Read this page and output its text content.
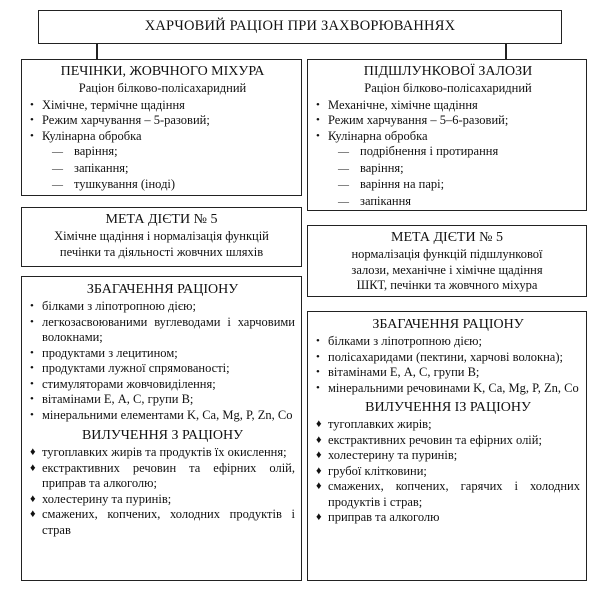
ХАРЧОВИЙ РАЦІОН ПРИ ЗАХВОРЮВАННЯХ
ПЕЧІНКИ, ЖОВЧНОГО МІХУРА
Раціон білково-полісахаридний
• Хімічне, термічне щадіння
• Режим харчування – 5-разовий;
• Кулінарна обробка
— варіння;
— запікання;
— тушкування (іноді)
ПІДШЛУНКОВОЇ ЗАЛОЗИ
Раціон білково-полісахаридний
• Механічне, хімічне щадіння
• Режим харчування – 5–6-разовий;
• Кулінарна обробка
— подрібнення і протирання
— варіння;
— варіння на парі;
— запікання
МЕТА ДІЄТИ № 5
Хімічне щадіння і нормалізація функцій
печінки та діяльності жовчних шляхів
МЕТА ДІЄТИ № 5
нормалізація функцій підшлункової
залози, механічне і хімічне щадіння
ШКТ, печінки та жовчного міхура
ЗБАГАЧЕННЯ РАЦІОНУ
• білками з ліпотропною дією;
• легкозасвоюваними вуглеводами і харчовими волокнами;
• продуктами з лецитином;
• продуктами лужної спрямованості;
• стимуляторами жовчовиділення;
• вітамінами Е, А, С, групи В;
• мінеральними елементами K, Ca, Mg, P, Zn, Co
ВИЛУЧЕННЯ З РАЦІОНУ
♦ тугоплавких жирів та продуктів їх окислення;
♦ екстрактивних речовин та ефірних олій, приправ та алкоголю;
♦ холестерину та пуринів;
♦ смажених, копчених, холодних продуктів і страв
ЗБАГАЧЕННЯ РАЦІОНУ
• білками з ліпотропною дією;
• полісахаридами (пектини, харчові волокна);
• вітамінами Е, А, С, групи В;
• мінеральними речовинами K, Ca, Mg, P, Zn, Co
ВИЛУЧЕННЯ ІЗ РАЦІОНУ
♦ тугоплавких жирів;
♦ екстрактивних речовин та ефірних олій;
♦ холестерину та пуринів;
♦ грубої клітковини;
♦ смажених, копчених, гарячих і холодних продуктів і страв;
♦ приправ та алкоголю
